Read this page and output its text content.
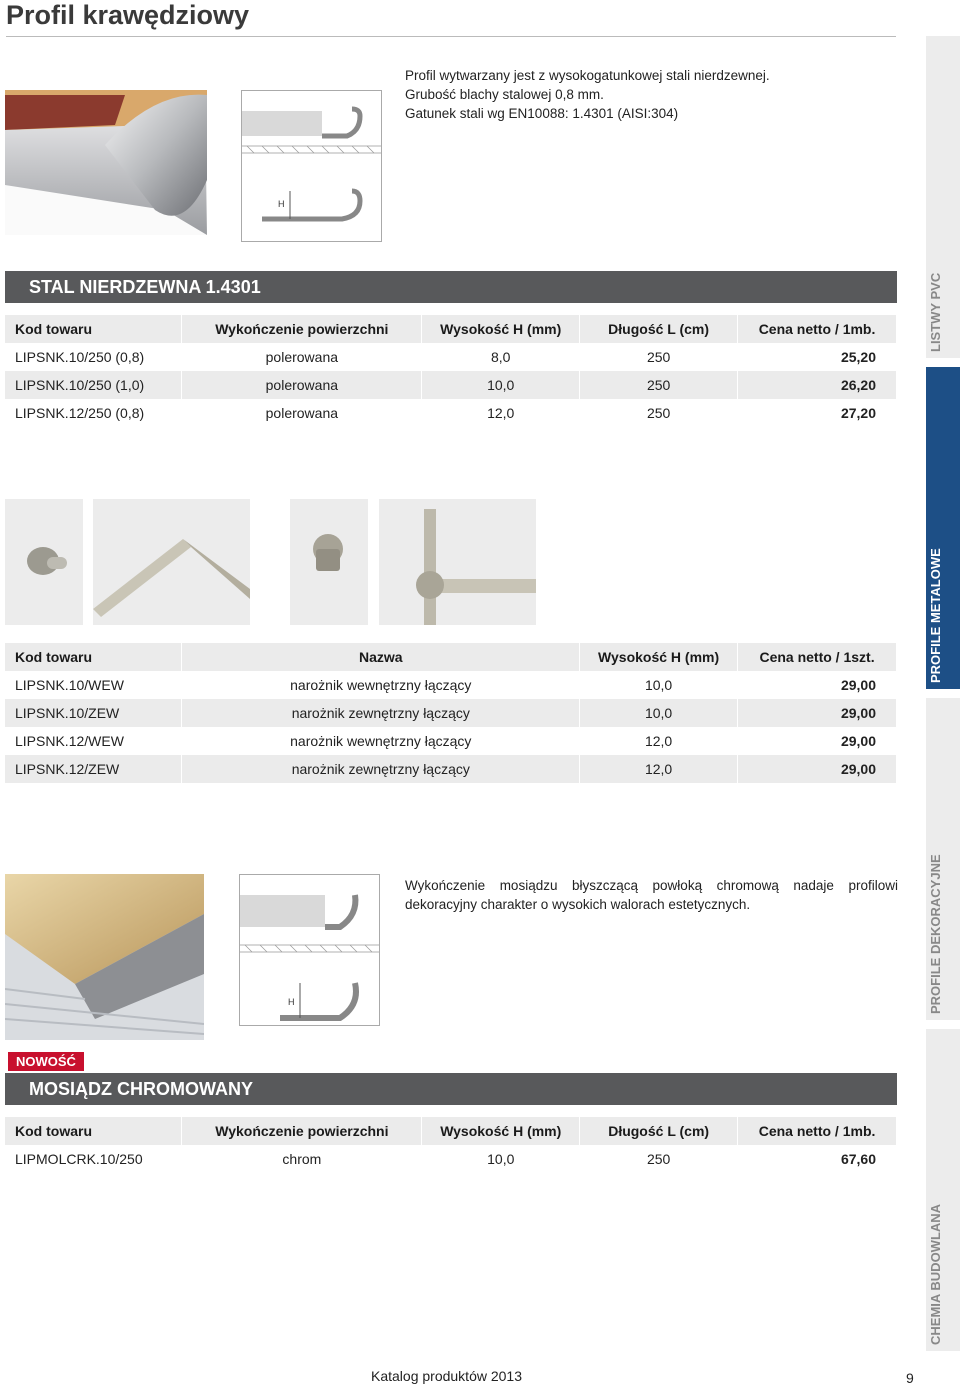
Profil krawędziowy
H
Profil wytwarzany jest z wysokogatunkowej stali nierdzewnej.
Grubość blachy stalowej 0,8 mm.
Gatunek stali wg EN10088: 1.4301 (AISI:304)
STAL NIERDZEWNA 1.4301
Kod towaru	Wykończenie powierzchni	Wysokość H (mm)	Długość L (cm)	Cena netto / 1mb.
LIPSNK.10/250 (0,8)	polerowana	8,0	250	25,20
LIPSNK.10/250 (1,0)	polerowana	10,0	250	26,20
LIPSNK.12/250 (0,8)	polerowana	12,0	250	27,20
Kod towaru	Nazwa	Wysokość H (mm)	Cena netto / 1szt.
LIPSNK.10/WEW	narożnik wewnętrzny łączący	10,0	29,00
LIPSNK.10/ZEW	narożnik zewnętrzny łączący	10,0	29,00
LIPSNK.12/WEW	narożnik wewnętrzny łączący	12,0	29,00
LIPSNK.12/ZEW	narożnik zewnętrzny łączący	12,0	29,00
H
Wykończenie mosiądzu błyszczącą powłoką chromową nadaje profilowi
dekoracyjny charakter o wysokich walorach estetycznych.
NOWOŚĆ
MOSIĄDZ CHROMOWANY
Kod towaru	Wykończenie powierzchni	Wysokość H (mm)	Długość L (cm)	Cena netto / 1mb.
LIPMOLCRK.10/250	chrom	10,0	250	67,60
LISTWY PVC
PROFILE METALOWE
PROFILE DEKORACYJNE
CHEMIA BUDOWLANA
Katalog produktów 2013	9
